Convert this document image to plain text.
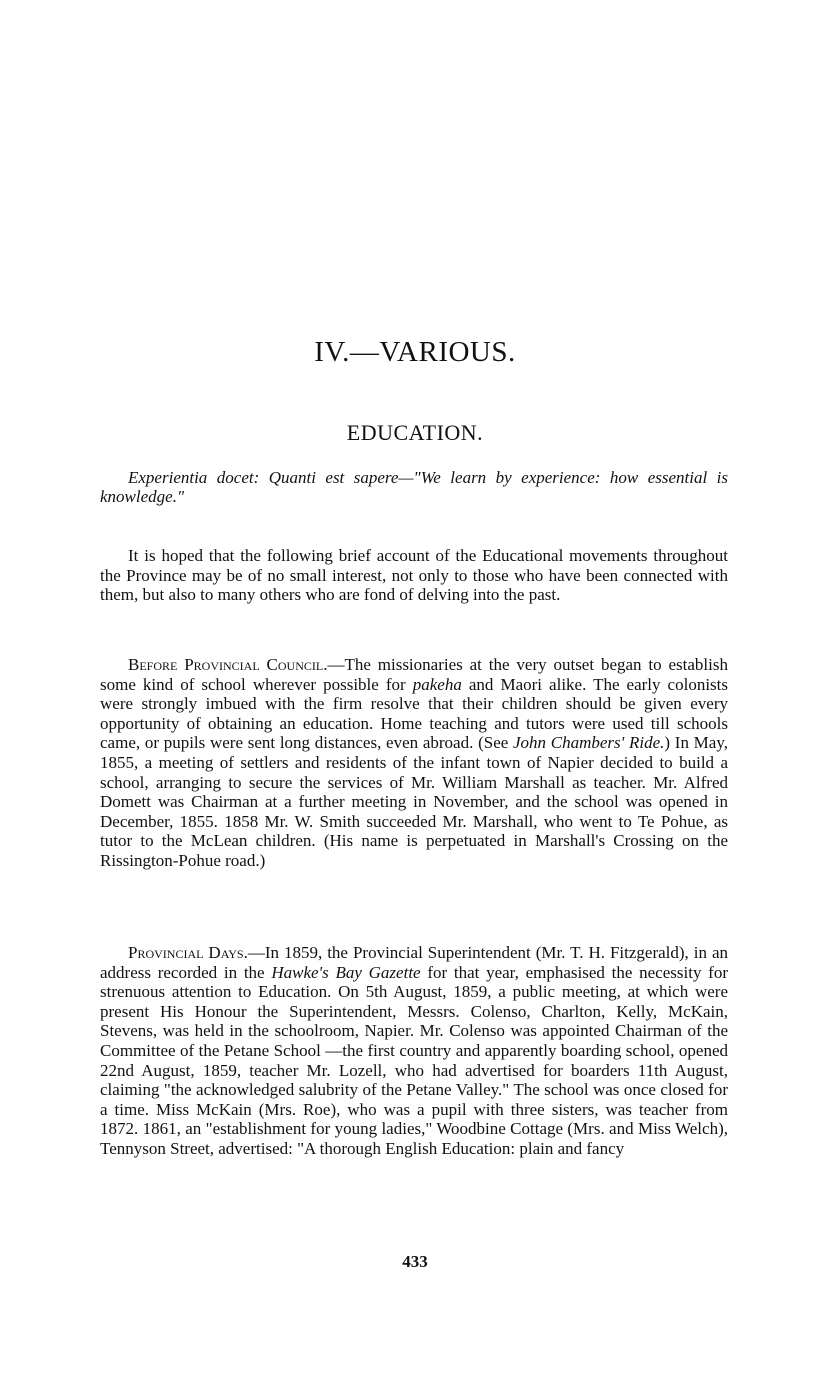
IV.—VARIOUS.
EDUCATION.

Experientia docet: Quanti est sapere—"We learn by experience: how essential is knowledge."

It is hoped that the following brief account of the Educational movements throughout the Province may be of no small interest, not only to those who have been connected with them, but also to many others who are fond of delving into the past.

Before Provincial Council.—The missionaries at the very outset began to establish some kind of school wherever possible for pakeha and Maori alike. The early colonists were strongly imbued with the firm resolve that their children should be given every opportunity of obtaining an education. Home teaching and tutors were used till schools came, or pupils were sent long distances, even abroad. (See John Chambers' Ride.) In May, 1855, a meeting of settlers and residents of the infant town of Napier decided to build a school, arranging to secure the services of Mr. William Marshall as teacher. Mr. Alfred Domett was Chairman at a further meeting in November, and the school was opened in December, 1855. 1858 Mr. W. Smith succeeded Mr. Marshall, who went to Te Pohue, as tutor to the McLean children. (His name is perpetuated in Marshall's Crossing on the Rissington-Pohue road.)

Provincial Days.—In 1859, the Provincial Superintendent (Mr. T. H. Fitzgerald), in an address recorded in the Hawke's Bay Gazette for that year, emphasised the necessity for strenuous attention to Education. On 5th August, 1859, a public meeting, at which were present His Honour the Superintendent, Messrs. Colenso, Charlton, Kelly, McKain, Stevens, was held in the schoolroom, Napier. Mr. Colenso was appointed Chairman of the Committee of the Petane School —the first country and apparently boarding school, opened 22nd August, 1859, teacher Mr. Lozell, who had advertised for boarders 11th August, claiming "the acknowledged salubrity of the Petane Valley." The school was once closed for a time. Miss McKain (Mrs. Roe), who was a pupil with three sisters, was teacher from 1872. 1861, an "establishment for young ladies," Woodbine Cottage (Mrs. and Miss Welch), Tennyson Street, advertised: "A thorough English Education: plain and fancy

433
